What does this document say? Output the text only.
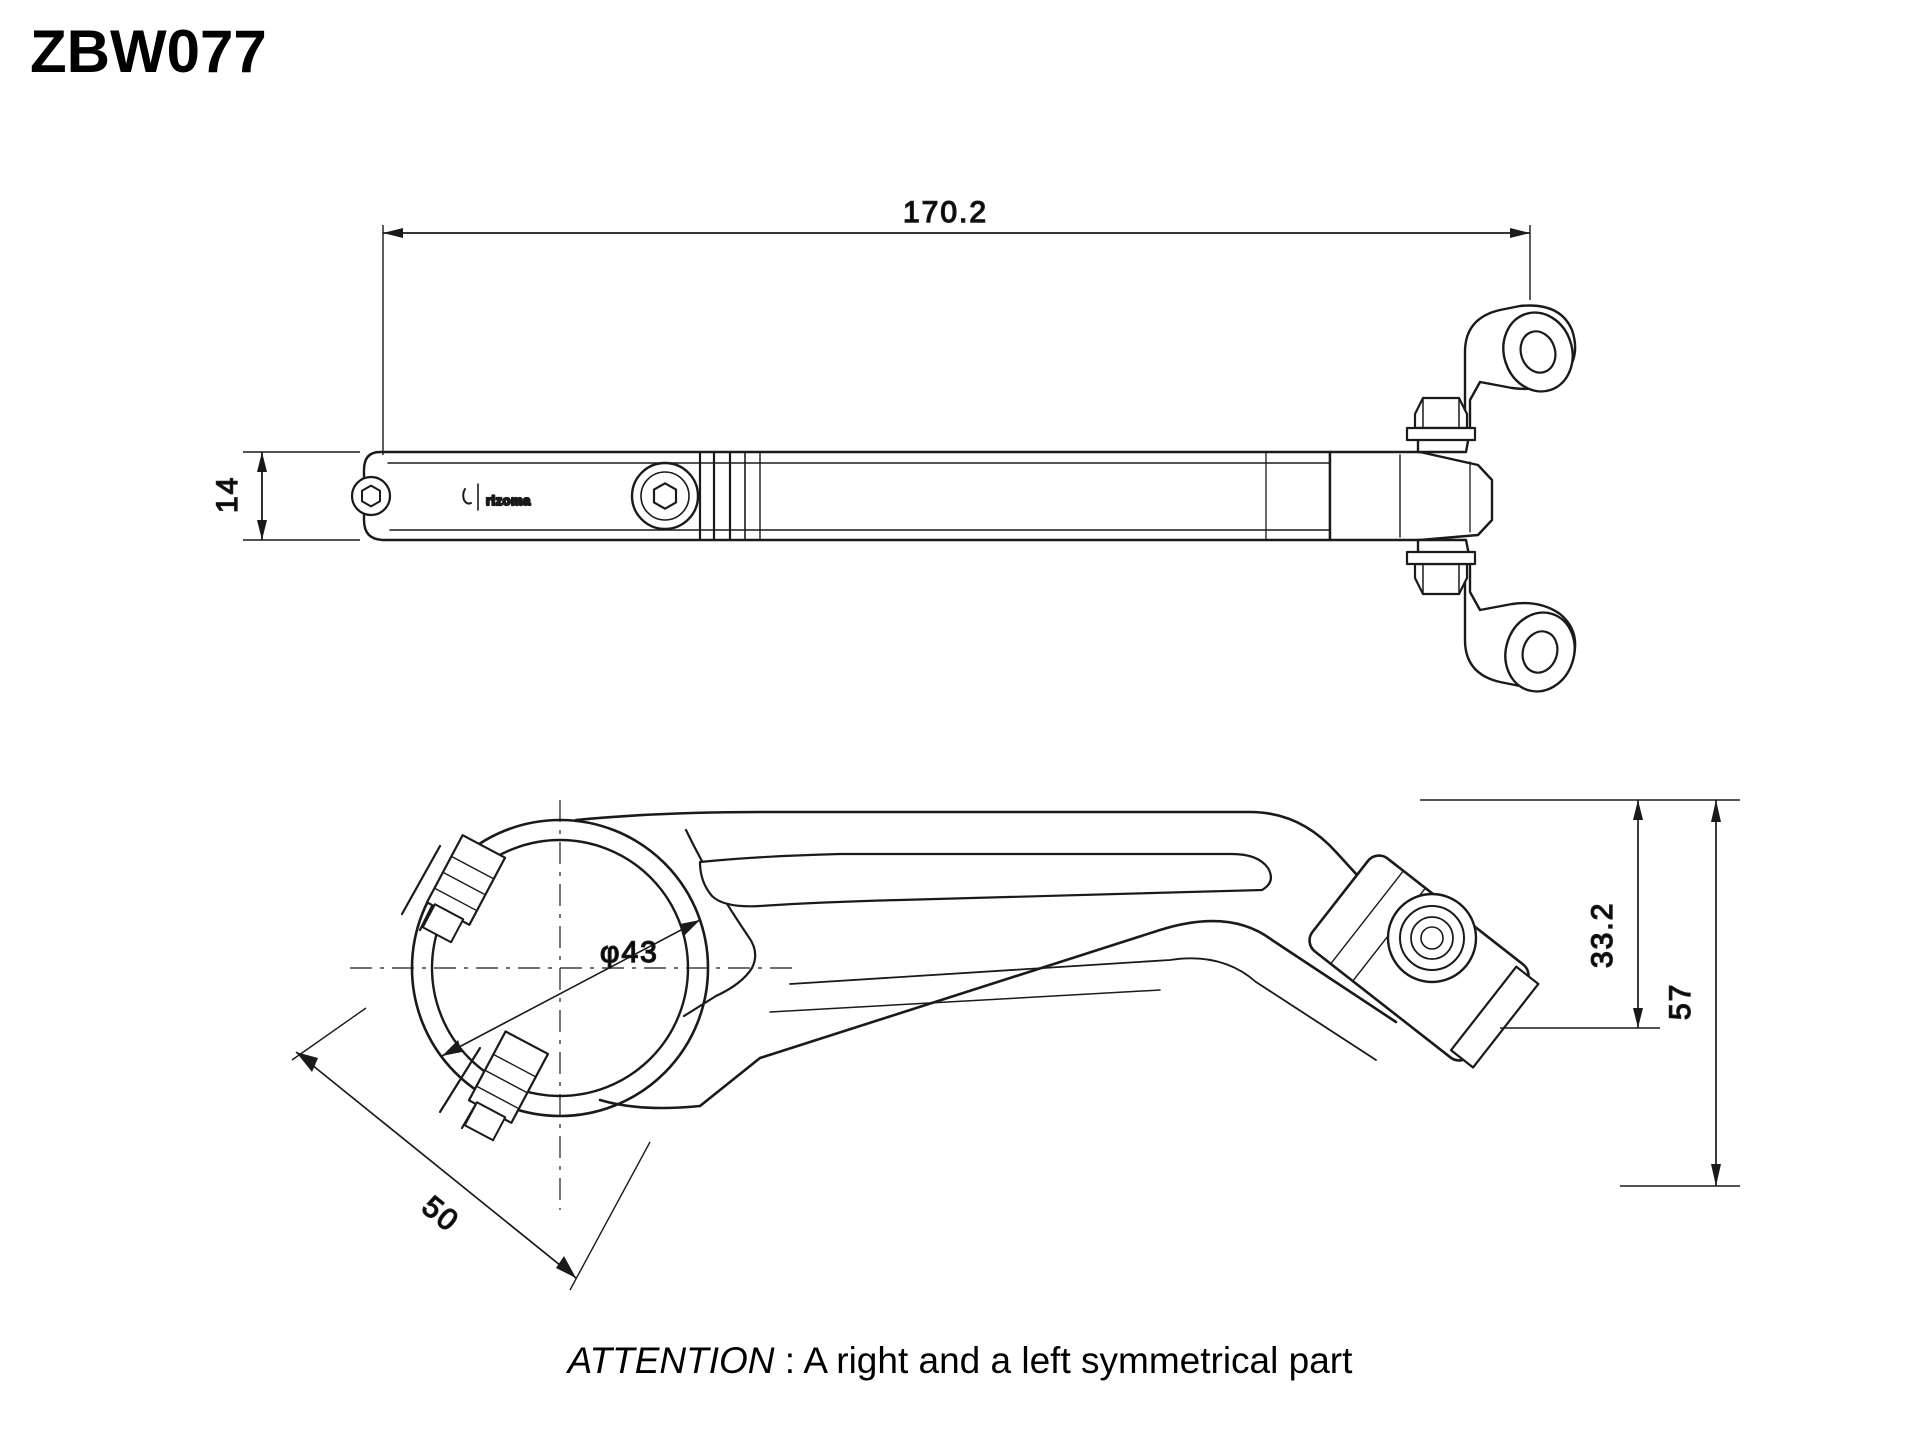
ZBW077
rizoma
170.2
14
φ43
50
33.2
57
ATTENTION : A right and a left symmetrical part
